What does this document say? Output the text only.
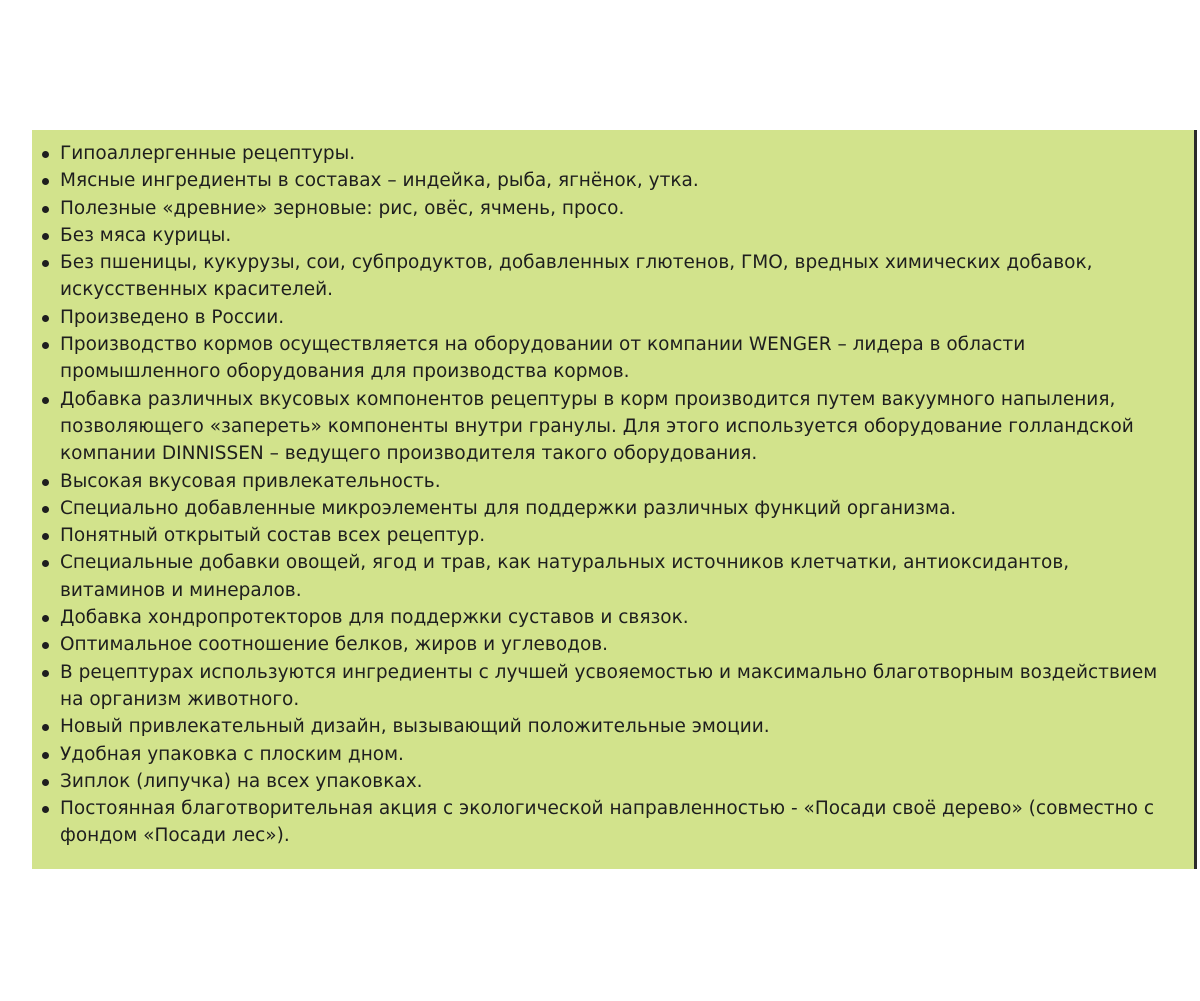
Гипоаллергенные рецептуры.
Мясные ингредиенты в составах – индейка, рыба, ягнёнок, утка.
Полезные «древние» зерновые: рис, овёс, ячмень, просо.
Без мяса курицы.
Без пшеницы, кукурузы, сои, субпродуктов, добавленных глютенов, ГМО, вредных химических добавок, искусственных красителей.
Произведено в России.
Производство кормов осуществляется на оборудовании от компании WENGER – лидера в области промышленного оборудования для производства кормов.
Добавка различных вкусовых компонентов рецептуры в корм производится путем вакуумного напыления, позволяющего «запереть» компоненты внутри гранулы. Для этого используется оборудование голландской компании DINNISSEN – ведущего производителя такого оборудования.
Высокая вкусовая привлекательность.
Специально добавленные микроэлементы для поддержки различных функций организма.
Понятный открытый состав всех рецептур.
Специальные добавки овощей, ягод и трав, как натуральных источников клетчатки, антиоксидантов, витаминов и минералов.
Добавка хондропротекторов для поддержки суставов и связок.
Оптимальное соотношение белков, жиров и углеводов.
В рецептурах используются ингредиенты с лучшей усвояемостью и максимально благотворным воздействием на организм животного.
Новый привлекательный дизайн, вызывающий положительные эмоции.
Удобная упаковка с плоским дном.
Зиплок (липучка) на всех упаковках.
Постоянная благотворительная акция с экологической направленностью - «Посади своё дерево» (совместно с фондом «Посади лес»).
